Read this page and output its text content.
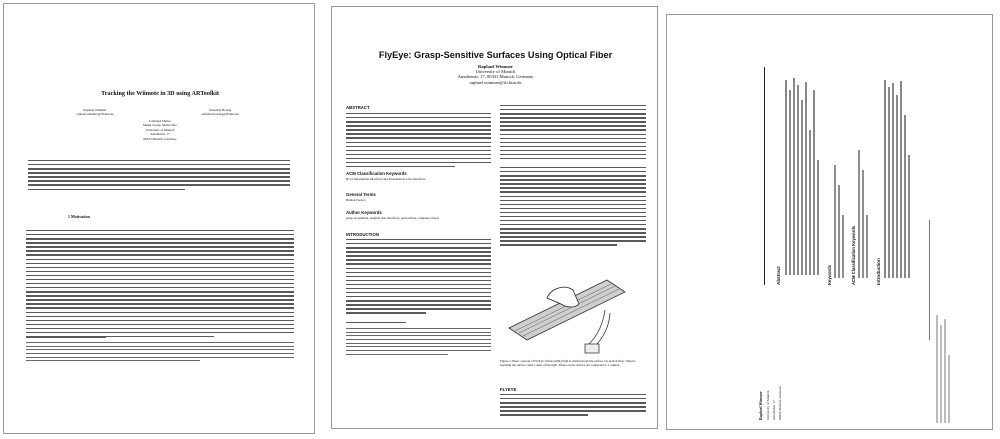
Tracking the Wiimote in 3D using ARToolkit
Raphael Wimmer
raphael.wimmer@ifi.lmu.de
Sebastian Boring
sebastian.boring@ifi.lmu.de
Johannes Mattes
Media Group, Media Info
University of Munich
Amalienstr. 17
80333 Munich, Germany
1 Motivation
FlyEye: Grasp-Sensitive Surfaces Using Optical Fiber
Raphael Wimmer
University of Munich
Amalienstr. 17, 80333 Munich, Germany
raphael.wimmer@ifi.lmu.de
ABSTRACT
ACM Classification Keywords
H.5.2 Information Interfaces and Presentation: User Interfaces
General Terms
Human Factors
Author Keywords
grasp recognition, tangible user interfaces, optical fiber, computer vision
INTRODUCTION
Figure 1: Basic concept of FlyEye. Infrared (IR) light is emitted from the surface via optical fiber. Objects touching the surface reflect some of the light. Fibers on the surface are connected to a camera.
FLYEYE
Abstract	Keywords	ACM Classification Keywords	Introduction
Raphael Wimmer University of Munich Amalienstr. 17 80333 Munich, Germany
